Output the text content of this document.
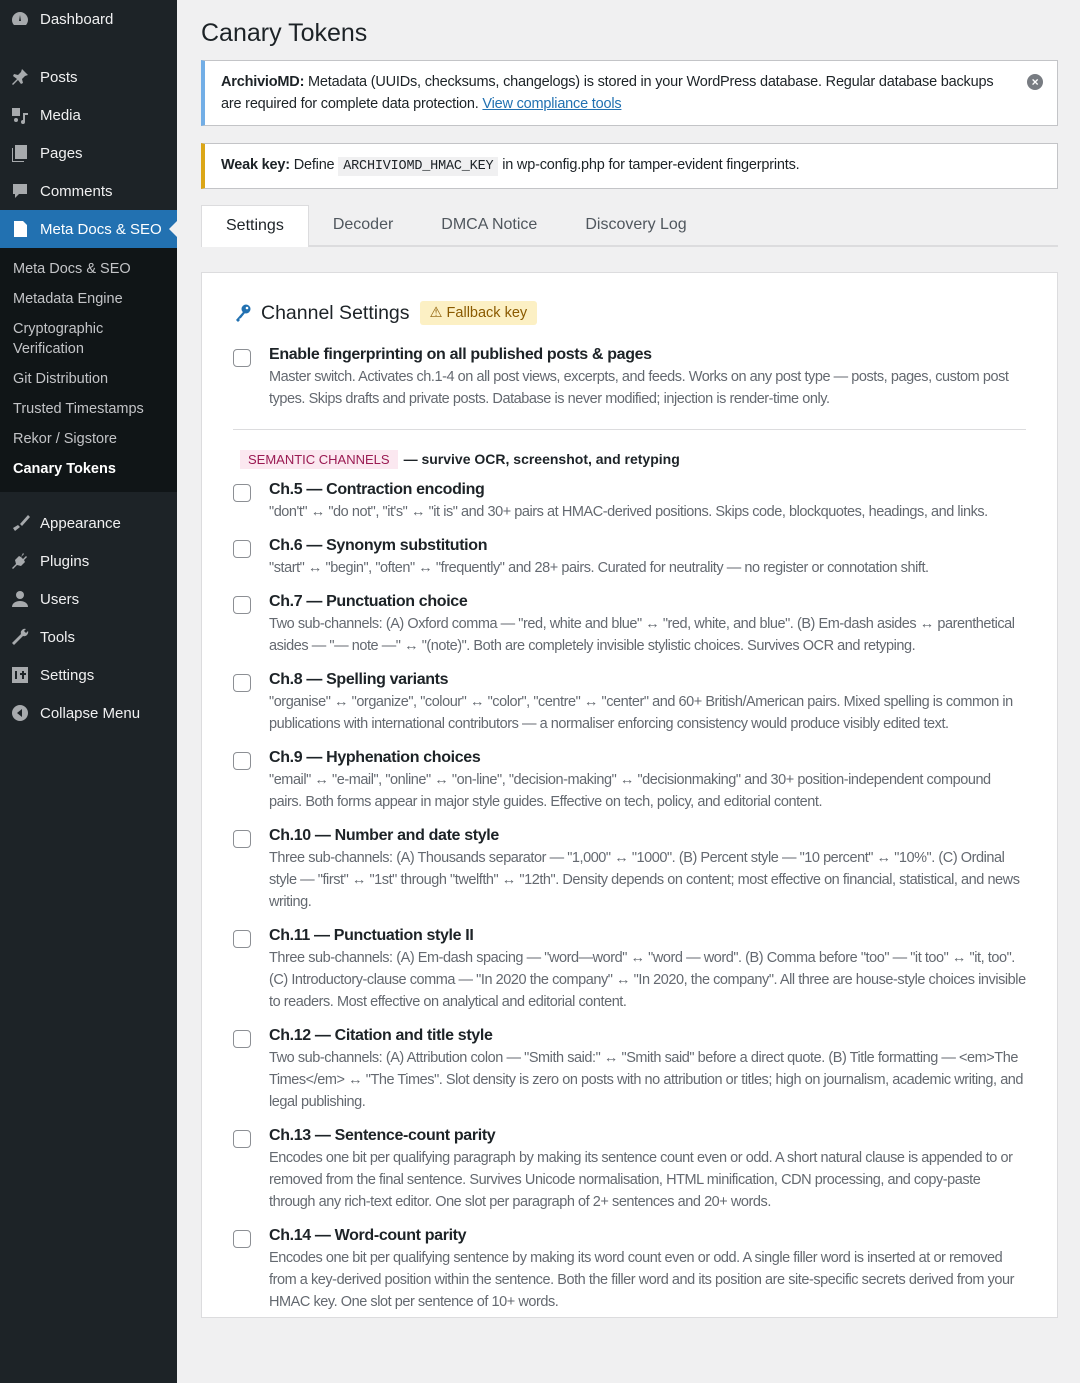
Dashboard
Posts
Media
Pages
Comments
Meta Docs & SEO
Meta Docs & SEO
Metadata Engine
Cryptographic Verification
Git Distribution
Trusted Timestamps
Rekor / Sigstore
Canary Tokens
Appearance
Plugins
Users
Tools
Settings
Collapse Menu
Canary Tokens
ArchivioMD: Metadata (UUIDs, checksums, changelogs) is stored in your WordPress database. Regular database backups are required for complete data protection. View compliance tools
×
Weak key: Define ARCHIVIOMD_HMAC_KEY in wp-config.php for tamper-evident fingerprints.
Settings	Decoder	DMCA Notice	Discovery Log
Channel Settings	⚠ Fallback key
Enable fingerprinting on all published posts & pages
Master switch. Activates ch.1-4 on all post views, excerpts, and feeds. Works on any post type — posts, pages, custom post types. Skips drafts and private posts. Database is never modified; injection is render-time only.
SEMANTIC CHANNELS	— survive OCR, screenshot, and retyping
Ch.5 — Contraction encoding
"don't" ↔ "do not", "it's" ↔ "it is" and 30+ pairs at HMAC-derived positions. Skips code, blockquotes, headings, and links.
Ch.6 — Synonym substitution
"start" ↔ "begin", "often" ↔ "frequently" and 28+ pairs. Curated for neutrality — no register or connotation shift.
Ch.7 — Punctuation choice
Two sub-channels: (A) Oxford comma — "red, white and blue" ↔ "red, white, and blue". (B) Em-dash asides ↔ parenthetical asides — "— note —" ↔ "(note)". Both are completely invisible stylistic choices. Survives OCR and retyping.
Ch.8 — Spelling variants
"organise" ↔ "organize", "colour" ↔ "color", "centre" ↔ "center" and 60+ British/American pairs. Mixed spelling is common in publications with international contributors — a normaliser enforcing consistency would produce visibly edited text.
Ch.9 — Hyphenation choices
"email" ↔ "e-mail", "online" ↔ "on-line", "decision-making" ↔ "decisionmaking" and 30+ position-independent compound pairs. Both forms appear in major style guides. Effective on tech, policy, and editorial content.
Ch.10 — Number and date style
Three sub-channels: (A) Thousands separator — "1,000" ↔ "1000". (B) Percent style — "10 percent" ↔ "10%". (C) Ordinal style — "first" ↔ "1st" through "twelfth" ↔ "12th". Density depends on content; most effective on financial, statistical, and news writing.
Ch.11 — Punctuation style II
Three sub-channels: (A) Em-dash spacing — "word—word" ↔ "word — word". (B) Comma before "too" — "it too" ↔ "it, too". (C) Introductory-clause comma — "In 2020 the company" ↔ "In 2020, the company". All three are house-style choices invisible to readers. Most effective on analytical and editorial content.
Ch.12 — Citation and title style
Two sub-channels: (A) Attribution colon — "Smith said:" ↔ "Smith said" before a direct quote. (B) Title formatting — <em>The Times</em> ↔ "The Times". Slot density is zero on posts with no attribution or titles; high on journalism, academic writing, and legal publishing.
Ch.13 — Sentence-count parity
Encodes one bit per qualifying paragraph by making its sentence count even or odd. A short natural clause is appended to or removed from the final sentence. Survives Unicode normalisation, HTML minification, CDN processing, and copy-paste through any rich-text editor. One slot per paragraph of 2+ sentences and 20+ words.
Ch.14 — Word-count parity
Encodes one bit per qualifying sentence by making its word count even or odd. A single filler word is inserted at or removed from a key-derived position within the sentence. Both the filler word and its position are site-specific secrets derived from your HMAC key. One slot per sentence of 10+ words.
